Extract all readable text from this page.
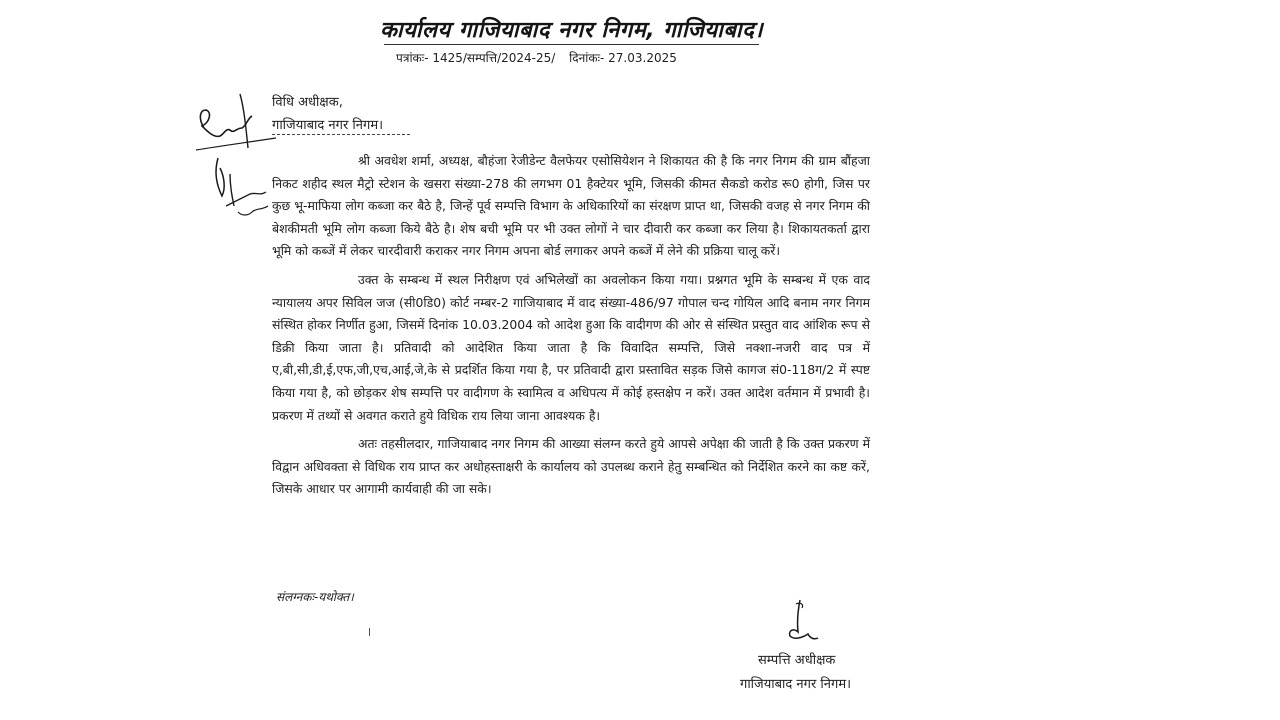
कार्यालय गाजियाबाद नगर निगम, गाजियाबाद।
पत्रांकः- 1425/सम्पत्ति/2024-25/ दिनांकः- 27.03.2025
विधि अधीक्षक,
गाजियाबाद नगर निगम।

श्री अवधेश शर्मा, अध्यक्ष, बौहंजा रेजीडेन्ट वैलफेयर एसोसियेशन ने शिकायत की है कि नगर निगम की ग्राम बौंहजा निकट शहीद स्थल मैट्रो स्टेशन के खसरा संख्या-278 की लगभग 01 हैक्टेयर भूमि, जिसकी कीमत सैकडो करोड रू0 होगी, जिस पर कुछ भू-माफिया लोग कब्जा कर बैठे है, जिन्हें पूर्व सम्पत्ति विभाग के अधिकारियों का संरक्षण प्राप्त था, जिसकी वजह से नगर निगम की बेशकीमती भूमि लोग कब्जा किये बैठे है। शेष बची भूमि पर भी उक्त लोगों ने चार दीवारी कर कब्जा कर लिया है। शिकायतकर्ता द्वारा भूमि को कब्जें में लेकर चारदीवारी कराकर नगर निगम अपना बोर्ड लगाकर अपने कब्जें में लेने की प्रक्रिया चालू करें।

उक्त के सम्बन्ध में स्थल निरीक्षण एवं अभिलेखों का अवलोकन किया गया। प्रश्नगत भूमि के सम्बन्ध में एक वाद न्यायालय अपर सिविल जज (सी0डि0) कोर्ट नम्बर-2 गाजियाबाद में वाद संख्या-486/97 गोपाल चन्द गोयिल आदि बनाम नगर निगम संस्थित होकर निर्णीत हुआ, जिसमें दिनांक 10.03.2004 को आदेश हुआ कि वादीगण की ओर से संस्थित प्रस्तुत वाद आंशिक रूप से डिक्री किया जाता है। प्रतिवादी को आदेशित किया जाता है कि विवादित सम्पत्ति, जिसे नक्शा-नजरी वाद पत्र में ए,बी,सी,डी,ई,एफ,जी,एच,आई,जे,के से प्रदर्शित किया गया है, पर प्रतिवादी द्वारा प्रस्तावित सड़क जिसे कागज सं0-118ग/2 में स्पष्ट किया गया है, को छोड़कर शेष सम्पत्ति पर वादीगण के स्वामित्व व अधिपत्य में कोई हस्तक्षेप न करें। उक्त आदेश वर्तमान में प्रभावी है। प्रकरण में तथ्यों से अवगत कराते हुये विधिक राय लिया जाना आवश्यक है।

अतः तहसीलदार, गाजियाबाद नगर निगम की आख्या संलग्न करते हुये आपसे अपेक्षा की जाती है कि उक्त प्रकरण में विद्वान अधिवक्ता से विधिक राय प्राप्त कर अधोहस्ताक्षरी के कार्यालय को उपलब्ध कराने हेतु सम्बन्धित को निर्देशित करने का कष्ट करें, जिसके आधार पर आगामी कार्यवाही की जा सके।

संलग्नकः-यथोक्त।
सम्पत्ति अधीक्षक
गाजियाबाद नगर निगम।
